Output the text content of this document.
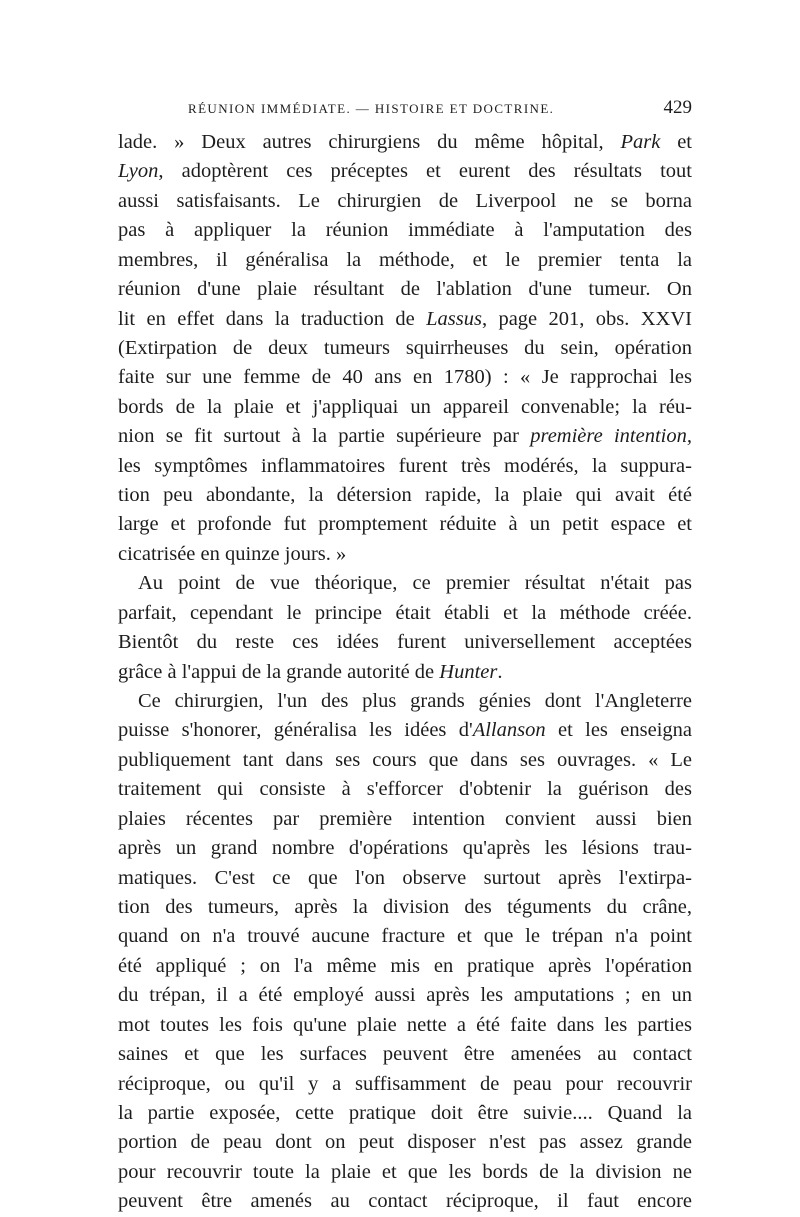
RÉUNION IMMÉDIATE. — HISTOIRE ET DOCTRINE.	429
lade. » Deux autres chirurgiens du même hôpital, Park et
Lyon, adoptèrent ces préceptes et eurent des résultats tout
aussi satisfaisants. Le chirurgien de Liverpool ne se borna
pas à appliquer la réunion immédiate à l'amputation des
membres, il généralisa la méthode, et le premier tenta la
réunion d'une plaie résultant de l'ablation d'une tumeur. On
lit en effet dans la traduction de Lassus, page 201, obs. XXVI
(Extirpation de deux tumeurs squirrheuses du sein, opération
faite sur une femme de 40 ans en 1780) : « Je rapprochai les
bords de la plaie et j'appliquai un appareil convenable; la réu-
nion se fit surtout à la partie supérieure par première intention,
les symptômes inflammatoires furent très modérés, la suppura-
tion peu abondante, la détersion rapide, la plaie qui avait été
large et profonde fut promptement réduite à un petit espace et
cicatrisée en quinze jours. »
Au point de vue théorique, ce premier résultat n'était pas
parfait, cependant le principe était établi et la méthode créée.
Bientôt du reste ces idées furent universellement acceptées
grâce à l'appui de la grande autorité de Hunter.
Ce chirurgien, l'un des plus grands génies dont l'Angleterre
puisse s'honorer, généralisa les idées d'Allanson et les enseigna
publiquement tant dans ses cours que dans ses ouvrages. « Le
traitement qui consiste à s'efforcer d'obtenir la guérison des
plaies récentes par première intention convient aussi bien
après un grand nombre d'opérations qu'après les lésions trau-
matiques. C'est ce que l'on observe surtout après l'extirpa-
tion des tumeurs, après la division des téguments du crâne,
quand on n'a trouvé aucune fracture et que le trépan n'a point
été appliqué ; on l'a même mis en pratique après l'opération
du trépan, il a été employé aussi après les amputations ; en un
mot toutes les fois qu'une plaie nette a été faite dans les parties
saines et que les surfaces peuvent être amenées au contact
réciproque, ou qu'il y a suffisamment de peau pour recouvrir
la partie exposée, cette pratique doit être suivie.... Quand la
portion de peau dont on peut disposer n'est pas assez grande
pour recouvrir toute la plaie et que les bords de la division ne
peuvent être amenés au contact réciproque, il faut encore
